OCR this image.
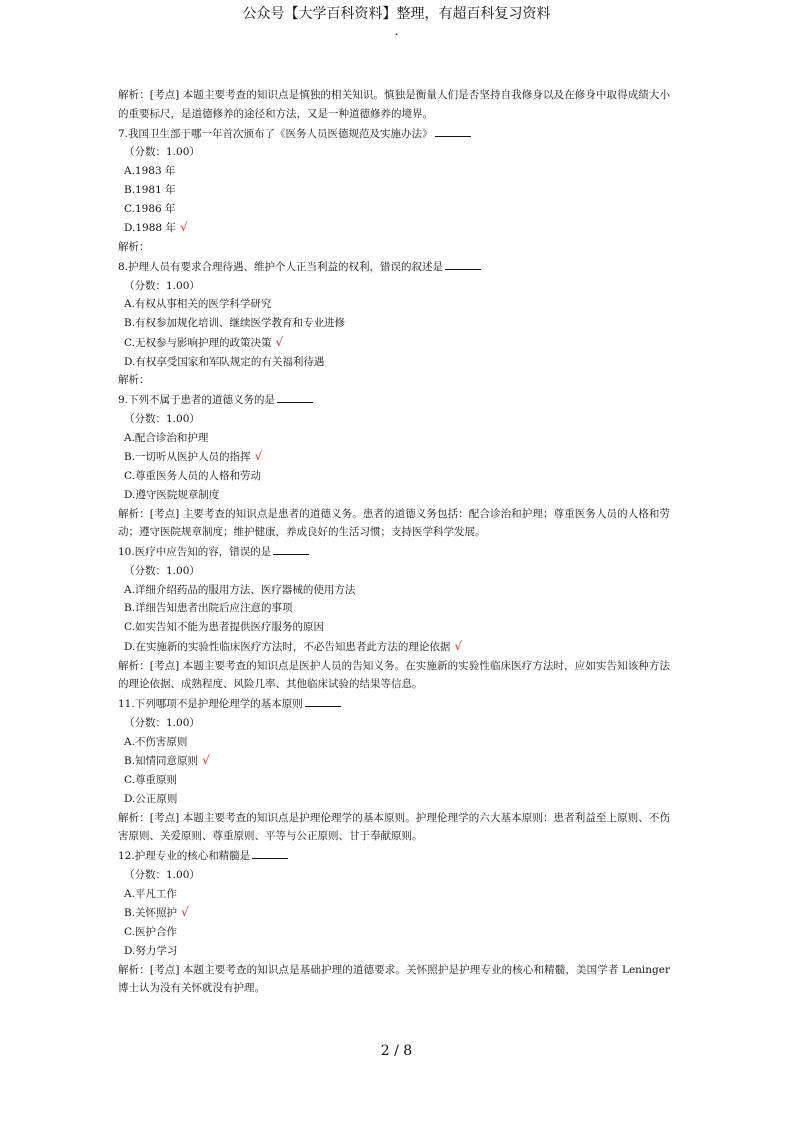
公众号【大学百科资料】整理，有超百科复习资料
.
解析：[考点] 本题主要考查的知识点是慎独的相关知识。慎独是衡量人们是否坚持自我修身以及在修身中取得成绩大小的重要标尺，是道德修养的途径和方法，又是一种道德修养的境界。
7.我国卫生部于哪一年首次颁布了《医务人员医德规范及实施办法》
（分数：1.00）
A.1983 年
B.1981 年
C.1986 年
D.1988 年 √
解析：
8.护理人员有要求合理待遇、维护个人正当利益的权利，错误的叙述是
（分数：1.00）
A.有权从事相关的医学科学研究
B.有权参加规化培训、继续医学教育和专业进修
C.无权参与影响护理的政策决策 √
D.有权享受国家和军队规定的有关福利待遇
解析：
9.下列不属于患者的道德义务的是
（分数：1.00）
A.配合诊治和护理
B.一切听从医护人员的指挥 √
C.尊重医务人员的人格和劳动
D.遵守医院规章制度
解析：[考点] 主要考查的知识点是患者的道德义务。患者的道德义务包括：配合诊治和护理；尊重医务人员的人格和劳动；遵守医院规章制度；维护健康，养成良好的生活习惯；支持医学科学发展。
10.医疗中应告知的容，错误的是
（分数：1.00）
A.详细介绍药品的服用方法、医疗器械的使用方法
B.详细告知患者出院后应注意的事项
C.如实告知不能为患者提供医疗服务的原因
D.在实施新的实验性临床医疗方法时，不必告知患者此方法的理论依据 √
解析：[考点] 本题主要考查的知识点是医护人员的告知义务。在实施新的实验性临床医疗方法时，应如实告知该种方法的理论依据、成熟程度、风险几率、其他临床试验的结果等信息。
11.下列哪项不是护理伦理学的基本原则
（分数：1.00）
A.不伤害原则
B.知情同意原则 √
C.尊重原则
D.公正原则
解析：[考点] 本题主要考查的知识点是护理伦理学的基本原则。护理伦理学的六大基本原则：患者利益至上原则、不伤害原则、关爱原则、尊重原则、平等与公正原则、甘于奉献原则。
12.护理专业的核心和精髓是
（分数：1.00）
A.平凡工作
B.关怀照护 √
C.医护合作
D.努力学习
解析：[考点] 本题主要考查的知识点是基础护理的道德要求。关怀照护是护理专业的核心和精髓，美国学者 Leninger 博士认为没有关怀就没有护理。
2 / 8
